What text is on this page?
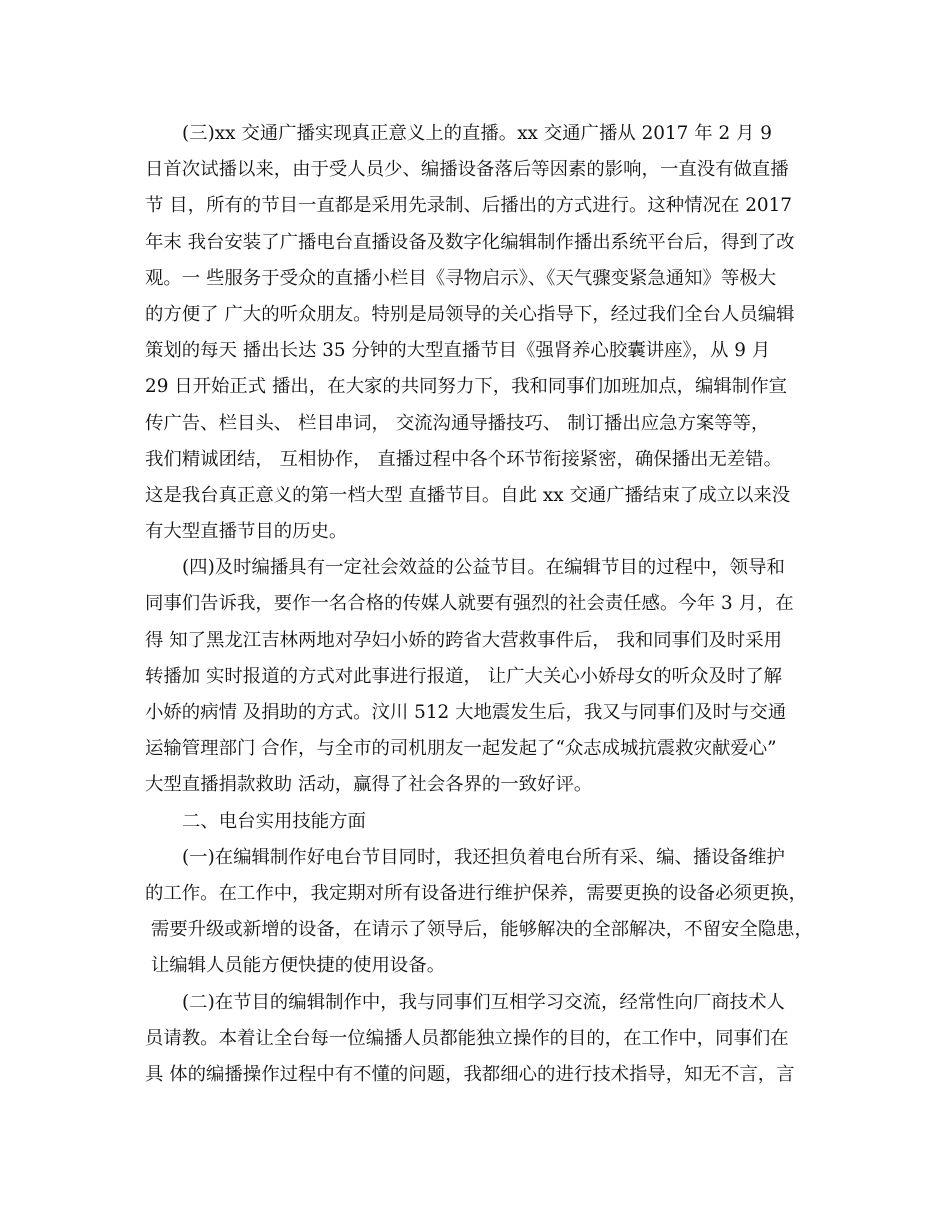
(三)xx 交通广播实现真正意义上的直播。xx 交通广播从 2017 年 2 月 9
日首次试播以来，由于受人员少、编播设备落后等因素的影响，一直没有做直播
节 目，所有的节目一直都是采用先录制、后播出的方式进行。这种情况在 2017
年末 我台安装了广播电台直播设备及数字化编辑制作播出系统平台后，得到了改
观。一 些服务于受众的直播小栏目《寻物启示》、《天气骤变紧急通知》等极大
的方便了 广大的听众朋友。特别是局领导的关心指导下，经过我们全台人员编辑
策划的每天 播出长达 35 分钟的大型直播节目《强肾养心胶囊讲座》，从 9 月
29 日开始正式 播出，在大家的共同努力下，我和同事们加班加点，编辑制作宣
传广告、栏目头、 栏目串词， 交流沟通导播技巧、 制订播出应急方案等等，
我们精诚团结， 互相协作， 直播过程中各个环节衔接紧密，确保播出无差错。
这是我台真正意义的第一档大型 直播节目。自此 xx 交通广播结束了成立以来没
有大型直播节目的历史。
(四)及时编播具有一定社会效益的公益节目。在编辑节目的过程中，领导和
同事们告诉我，要作一名合格的传媒人就要有强烈的社会责任感。今年 3 月，在
得 知了黑龙江吉林两地对孕妇小娇的跨省大营救事件后， 我和同事们及时采用
转播加 实时报道的方式对此事进行报道， 让广大关心小娇母女的听众及时了解
小娇的病情 及捐助的方式。汶川 512 大地震发生后，我又与同事们及时与交通
运输管理部门 合作，与全市的司机朋友一起发起了“众志成城抗震救灾献爱心”
大型直播捐款救助 活动，赢得了社会各界的一致好评。
二、电台实用技能方面
(一)在编辑制作好电台节目同时，我还担负着电台所有采、编、播设备维护
的工作。在工作中，我定期对所有设备进行维护保养，需要更换的设备必须更换，
需要升级或新增的设备，在请示了领导后，能够解决的全部解决，不留安全隐患，
让编辑人员能方便快捷的使用设备。
(二)在节目的编辑制作中，我与同事们互相学习交流，经常性向厂商技术人
员请教。本着让全台每一位编播人员都能独立操作的目的，在工作中，同事们在
具 体的编播操作过程中有不懂的问题，我都细心的进行技术指导，知无不言，言
